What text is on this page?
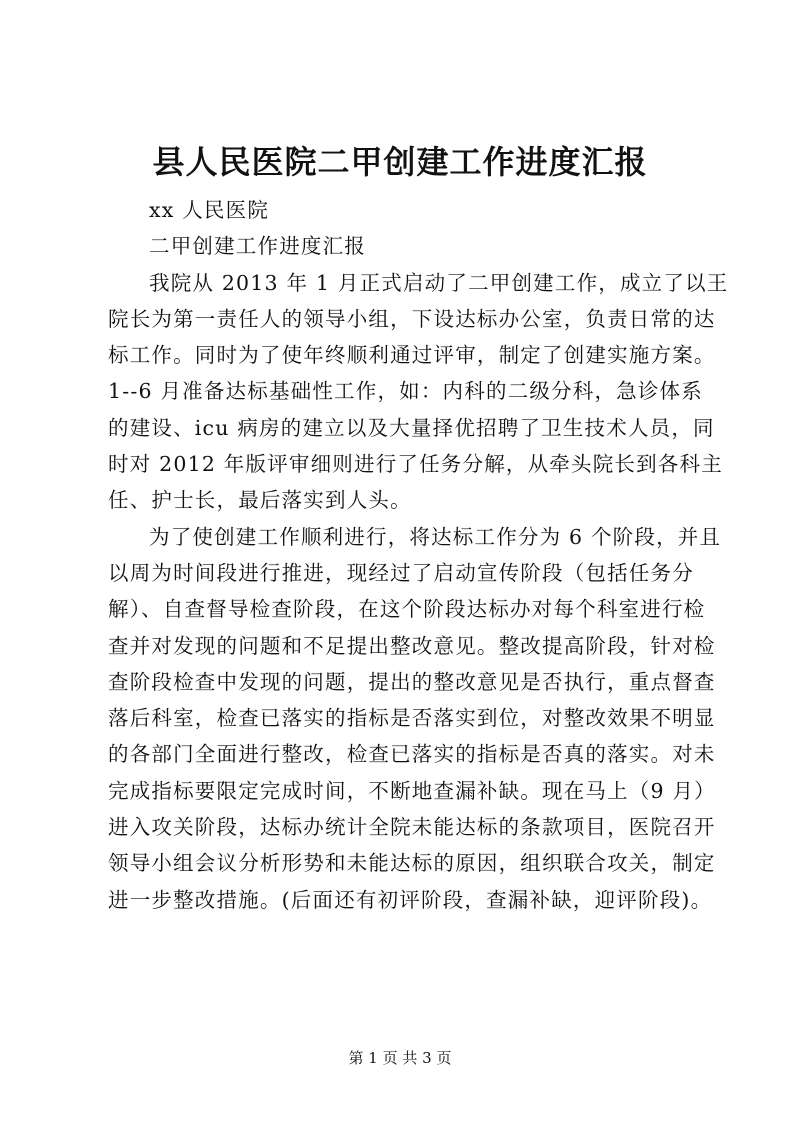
县人民医院二甲创建工作进度汇报

xx 人民医院

二甲创建工作进度汇报

我院从 2013 年 1 月正式启动了二甲创建工作，成立了以王

院长为第一责任人的领导小组，下设达标办公室，负责日常的达

标工作。同时为了使年终顺利通过评审，制定了创建实施方案。

1--6 月准备达标基础性工作，如：内科的二级分科，急诊体系

的建设、icu 病房的建立以及大量择优招聘了卫生技术人员，同

时对 2012 年版评审细则进行了任务分解，从牵头院长到各科主

任、护士长，最后落实到人头。

为了使创建工作顺利进行，将达标工作分为 6 个阶段，并且

以周为时间段进行推进，现经过了启动宣传阶段（包括任务分

解）、自查督导检查阶段，在这个阶段达标办对每个科室进行检

查并对发现的问题和不足提出整改意见。整改提高阶段，针对检

查阶段检查中发现的问题，提出的整改意见是否执行，重点督查

落后科室，检查已落实的指标是否落实到位，对整改效果不明显

的各部门全面进行整改，检查已落实的指标是否真的落实。对未

完成指标要限定完成时间，不断地查漏补缺。现在马上（9 月）

进入攻关阶段，达标办统计全院未能达标的条款项目，医院召开

领导小组会议分析形势和未能达标的原因，组织联合攻关，制定

进一步整改措施。(后面还有初评阶段，查漏补缺，迎评阶段)。

第 1 页 共 3 页
